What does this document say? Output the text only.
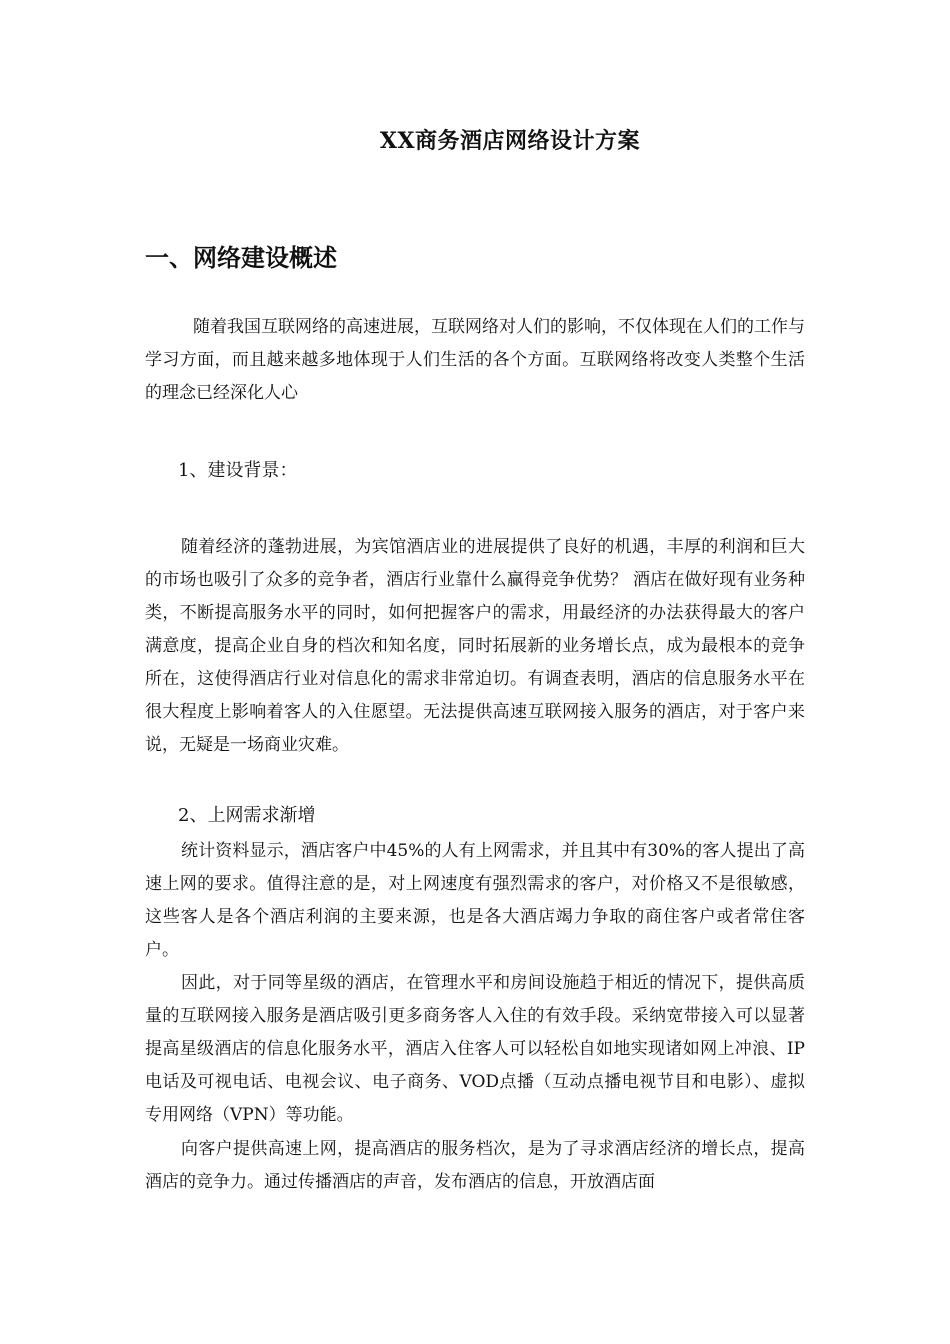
XX商务酒店网络设计方案
一、网络建设概述

随着我国互联网络的高速进展，互联网络对人们的影响，不仅体现在人们的工作与学习方面，而且越来越多地体现于人们生活的各个方面。互联网络将改变人类整个生活的理念已经深化人心

1、建设背景：

随着经济的蓬勃进展，为宾馆酒店业的进展提供了良好的机遇，丰厚的利润和巨大的市场也吸引了众多的竞争者，酒店行业靠什么赢得竞争优势？ 酒店在做好现有业务种类，不断提高服务水平的同时，如何把握客户的需求，用最经济的办法获得最大的客户满意度，提高企业自身的档次和知名度，同时拓展新的业务增长点，成为最根本的竞争所在，这使得酒店行业对信息化的需求非常迫切。有调查表明，酒店的信息服务水平在很大程度上影响着客人的入住愿望。无法提供高速互联网接入服务的酒店，对于客户来说，无疑是一场商业灾难。

2、上网需求渐增

统计资料显示，酒店客户中45%的人有上网需求，并且其中有30%的客人提出了高速上网的要求。值得注意的是，对上网速度有强烈需求的客户，对价格又不是很敏感，这些客人是各个酒店利润的主要来源，也是各大酒店竭力争取的商住客户或者常住客户。

因此，对于同等星级的酒店，在管理水平和房间设施趋于相近的情况下，提供高质量的互联网接入服务是酒店吸引更多商务客人入住的有效手段。采纳宽带接入可以显著提高星级酒店的信息化服务水平，酒店入住客人可以轻松自如地实现诸如网上冲浪、IP电话及可视电话、电视会议、电子商务、VOD点播（互动点播电视节目和电影）、虚拟专用网络（VPN）等功能。

向客户提供高速上网，提高酒店的服务档次，是为了寻求酒店经济的增长点，提高酒店的竞争力。通过传播酒店的声音，发布酒店的信息，开放酒店面
